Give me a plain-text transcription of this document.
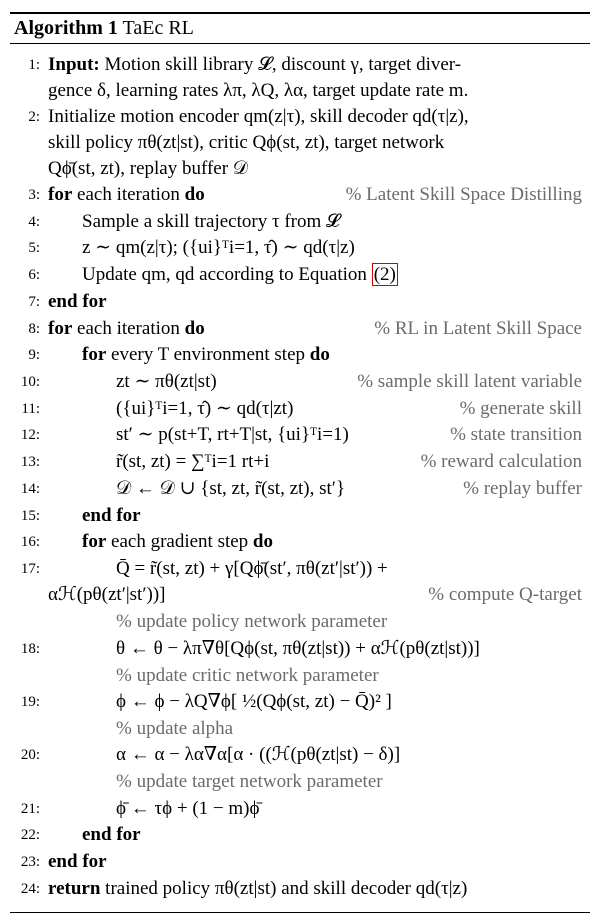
Algorithm 1 TaEc RL
1: Input: Motion skill library 𝓛, discount γ, target diver-
gence δ, learning rates λπ, λQ, λα, target update rate m.
2: Initialize motion encoder qm(z|τ), skill decoder qd(τ|z),
skill policy πθ(zt|st), critic Qϕ(st, zt), target network
Qϕ̄(st, zt), replay buffer 𝒟
3: for each iteration do	% Latent Skill Space Distilling
4: Sample a skill trajectory τ from 𝓛
5: z ∼ qm(z|τ); ({ui}ᵀi=1, τ̂) ∼ qd(τ|z)
6: Update qm, qd according to Equation (2)
7: end for
8: for each iteration do	% RL in Latent Skill Space
9: for every T environment step do
10:	zt ∼ πθ(zt|st)	% sample skill latent variable
11:	({ui}ᵀi=1, τ̂) ∼ qd(τ|zt)	% generate skill
12:	st′ ∼ p(st+T, rt+T|st, {ui}ᵀi=1)	% state transition
13:	r̃(st, zt) = ∑ᵀi=1 rt+i	% reward calculation
14:	𝒟 ← 𝒟 ∪ {st, zt, r̃(st, zt), st′}	% replay buffer
15: end for
16: for each gradient step do
17:	Q̄ = r̃(st, zt) + γ[Qϕ̄(st′, πθ(zt′|st′)) +
αℋ(pθ(zt′|st′))]	% compute Q-target
% update policy network parameter
18:	θ ← θ − λπ∇θ[Qϕ(st, πθ(zt|st)) + αℋ(pθ(zt|st))]
% update critic network parameter
19:	ϕ ← ϕ − λQ∇ϕ[ ½(Qϕ(st, zt) − Q̄)² ]
% update alpha
20:	α ← α − λα∇α[α · ((ℋ(pθ(zt|st) − δ)]
% update target network parameter
21:	ϕ̄ ← τϕ + (1 − m)ϕ̄
22: end for
23: end for
24: return trained policy πθ(zt|st) and skill decoder qd(τ|z)
